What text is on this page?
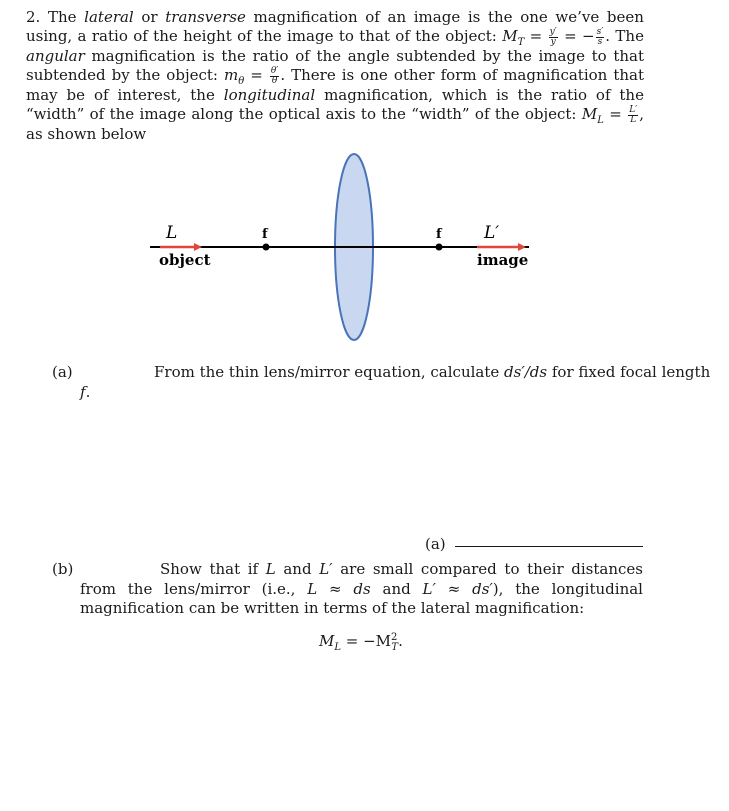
2. The lateral or transverse magnification of an image is the one we’ve been using, a ratio of the height of the image to that of the object: $M_T = \frac{y'}{y}$ = − $\frac{s'}{s}$ . The angular magnification is the ratio of the angle subtended by the image to that subtended by the object: $m_\theta = \frac{\theta'}{\theta}$ . There is one other form of magnification that may be of interest, the longitudinal magnification, which is the ratio of the “width” of the image along the optical axis to the “width” of the object: $M_L = \frac{L'}{L}$ , as shown below
L	L′
f	f
object	image
(a)	From the thin lens/mirror equation, calculate ds′/ds for fixed focal length
f.
(a)
(b)	Show that if L and L′ are small compared to their distances from the lens/mirror (i.e., L ≈ ds and L′ ≈ ds′), the longitudinal magnification can be written in terms of the lateral magnification:
$M_L = -M^2_T$.
